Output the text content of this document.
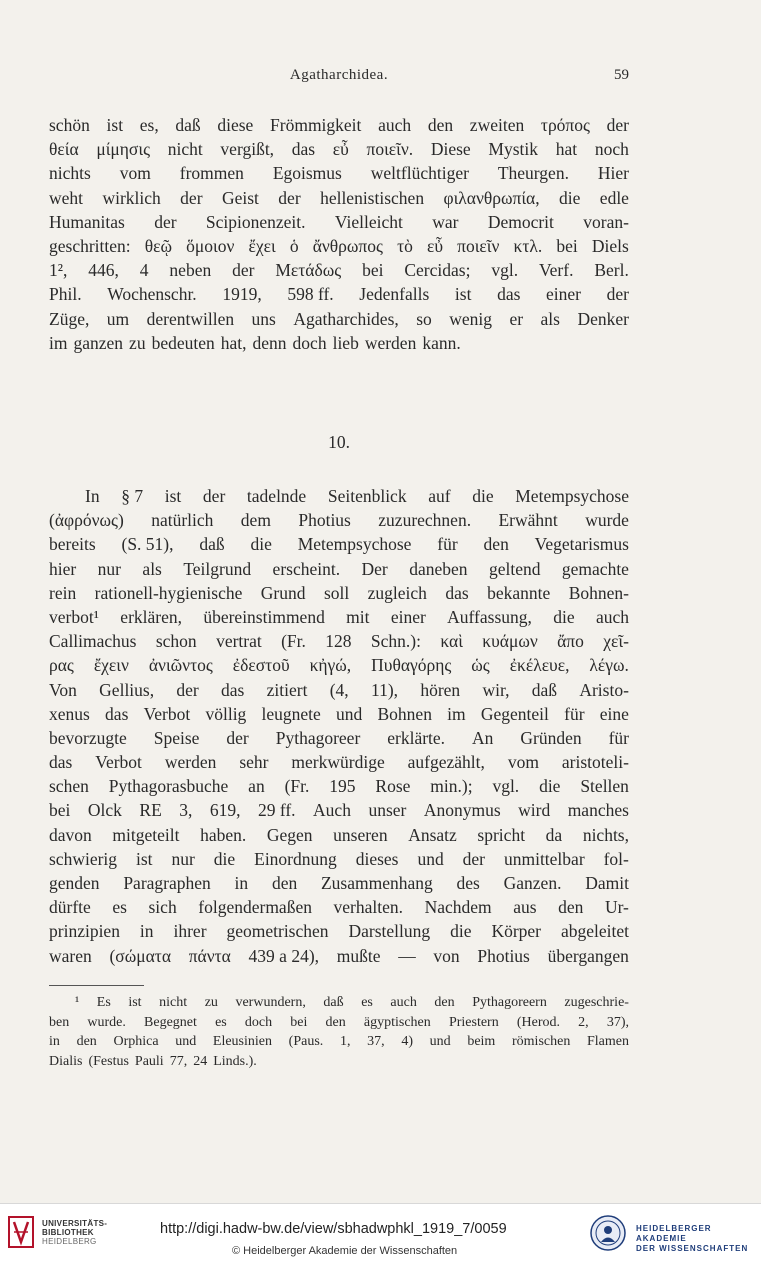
Agatharchidea.	59
schön ist es, daß diese Frömmigkeit auch den zweiten τρόπος der
θεία μίμησις nicht vergißt, das εὖ ποιεῖν. Diese Mystik hat noch
nichts vom frommen Egoismus weltflüchtiger Theurgen. Hier
weht wirklich der Geist der hellenistischen φιλανθρωπία, die edle
Humanitas der Scipionenzeit. Vielleicht war Democrit voran-
geschritten: θεῷ ὅμοιον ἔχει ὁ ἄνθρωπος τὸ εὖ ποιεῖν κτλ. bei Diels
1², 446, 4 neben der Μετάδως bei Cercidas; vgl. Verf. Berl.
Phil. Wochenschr. 1919, 598 ff. Jedenfalls ist das einer der
Züge, um derentwillen uns Agatharchides, so wenig er als Denker
im ganzen zu bedeuten hat, denn doch lieb werden kann.
10.
In § 7 ist der tadelnde Seitenblick auf die Metempsychose
(ἀφρόνως) natürlich dem Photius zuzurechnen. Erwähnt wurde
bereits (S. 51), daß die Metempsychose für den Vegetarismus
hier nur als Teilgrund erscheint. Der daneben geltend gemachte
rein rationell-hygienische Grund soll zugleich das bekannte Bohnen-
verbot¹ erklären, übereinstimmend mit einer Auffassung, die auch
Callimachus schon vertrat (Fr. 128 Schn.): καὶ κυάμων ἄπο χεῖ-
ρας ἔχειν ἀνιῶντος ἐδεστοῦ κἠγώ, Πυθαγόρης ὡς ἐκέλευε, λέγω.
Von Gellius, der das zitiert (4, 11), hören wir, daß Aristo-
xenus das Verbot völlig leugnete und Bohnen im Gegenteil für eine
bevorzugte Speise der Pythagoreer erklärte. An Gründen für
das Verbot werden sehr merkwürdige aufgezählt, vom aristoteli-
schen Pythagorasbuche an (Fr. 195 Rose min.); vgl. die Stellen
bei Olck RE 3, 619, 29 ff. Auch unser Anonymus wird manches
davon mitgeteilt haben. Gegen unseren Ansatz spricht da nichts,
schwierig ist nur die Einordnung dieses und der unmittelbar fol-
genden Paragraphen in den Zusammenhang des Ganzen. Damit
dürfte es sich folgendermaßen verhalten. Nachdem aus den Ur-
prinzipien in ihrer geometrischen Darstellung die Körper abgeleitet
waren (σώματα πάντα 439 a 24), mußte — von Photius übergangen
¹ Es ist nicht zu verwundern, daß es auch den Pythagoreern zugeschrie-
ben wurde. Begegnet es doch bei den ägyptischen Priestern (Herod. 2, 37),
in den Orphica und Eleusinien (Paus. 1, 37, 4) und beim römischen Flamen
Dialis (Festus Pauli 77, 24 Linds.).
UNIVERSITÄTS-
BIBLIOTHEK
HEIDELBERG
http://digi.hadw-bw.de/view/sbhadwphkl_1919_7/0059
© Heidelberger Akademie der Wissenschaften
HEIDELBERGER AKADEMIE
DER WISSENSCHAFTEN
